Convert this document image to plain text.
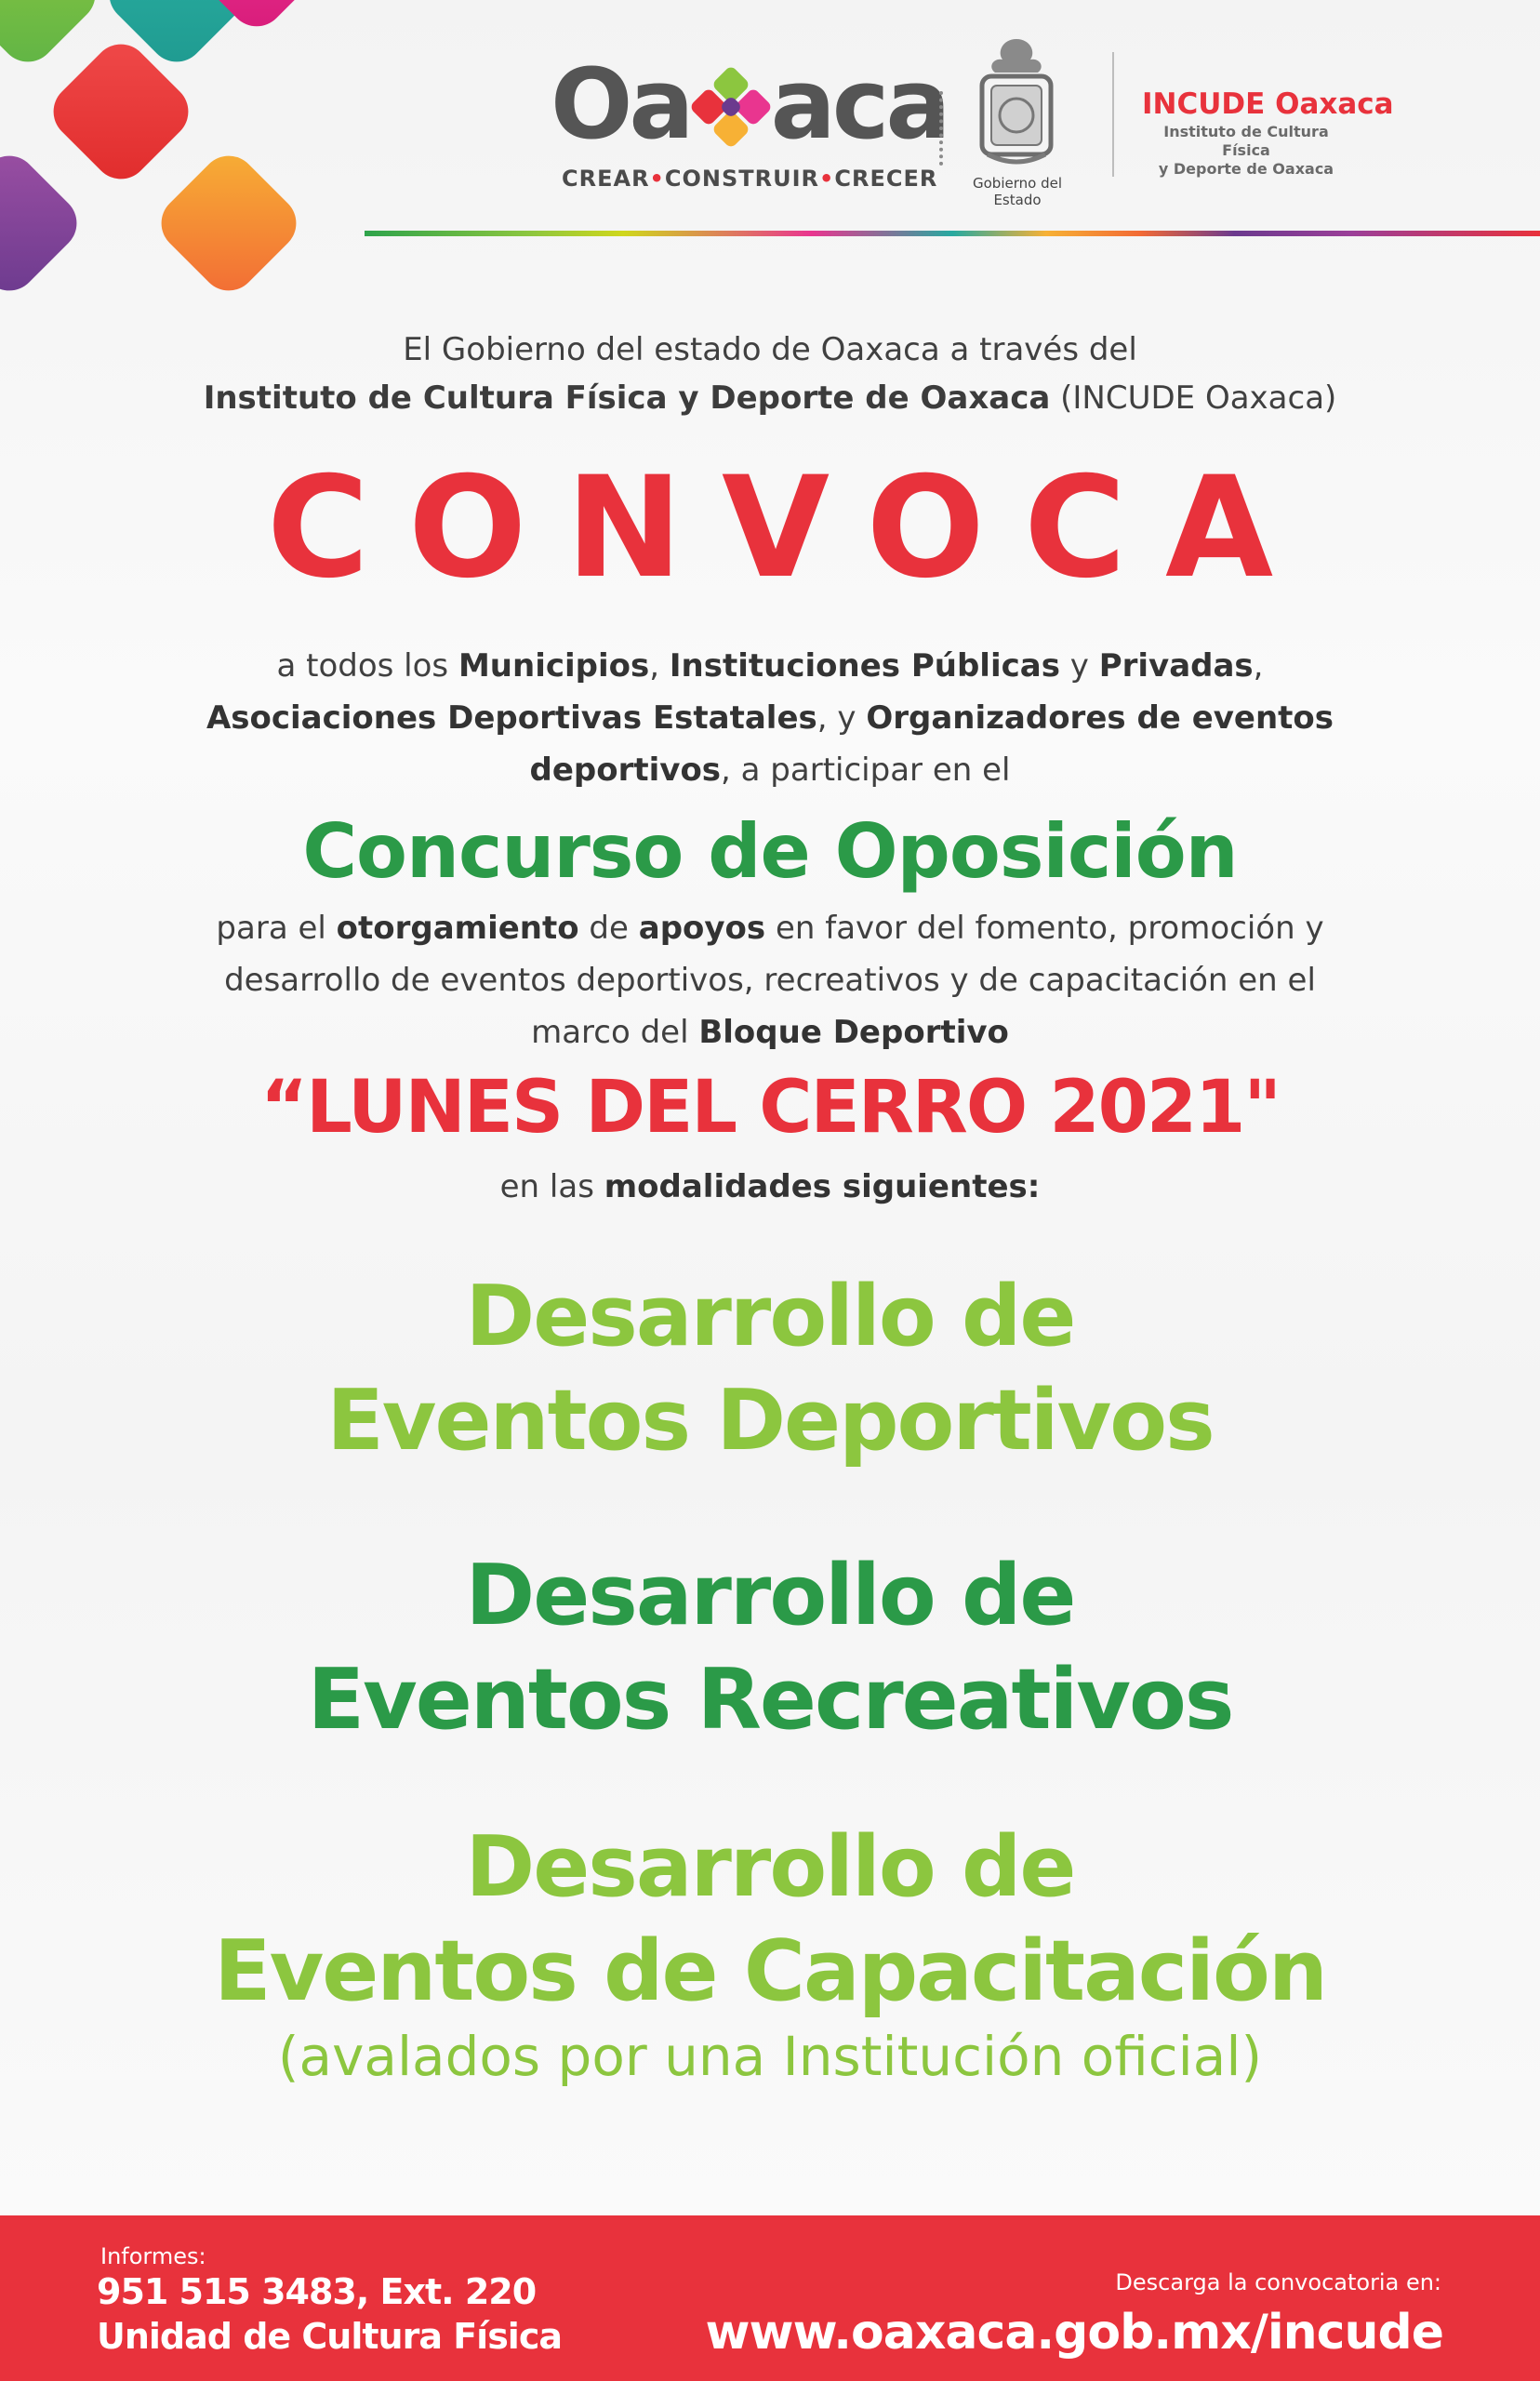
Oa aca
CREAR•CONSTRUIR•CRECER	Gobierno del Estado
INCUDE Oaxaca
Instituto de Cultura Física
y Deporte de Oaxaca
El Gobierno del estado de Oaxaca a través del
Instituto de Cultura Física y Deporte de Oaxaca (INCUDE Oaxaca)
CONVOCA
a todos los Municipios, Instituciones Públicas y Privadas,
Asociaciones Deportivas Estatales, y Organizadores de eventos
deportivos, a participar en el
Concurso de Oposición
para el otorgamiento de apoyos en favor del fomento, promoción y
desarrollo de eventos deportivos, recreativos y de capacitación en el
marco del Bloque Deportivo
“LUNES DEL CERRO 2021"
en las modalidades siguientes:
Desarrollo de
Eventos Deportivos
Desarrollo de
Eventos Recreativos
Desarrollo de
Eventos de Capacitación
(avalados por una Institución oficial)
Informes:
951 515 3483, Ext. 220
Unidad de Cultura Física
Descarga la convocatoria en:
www.oaxaca.gob.mx/incude
